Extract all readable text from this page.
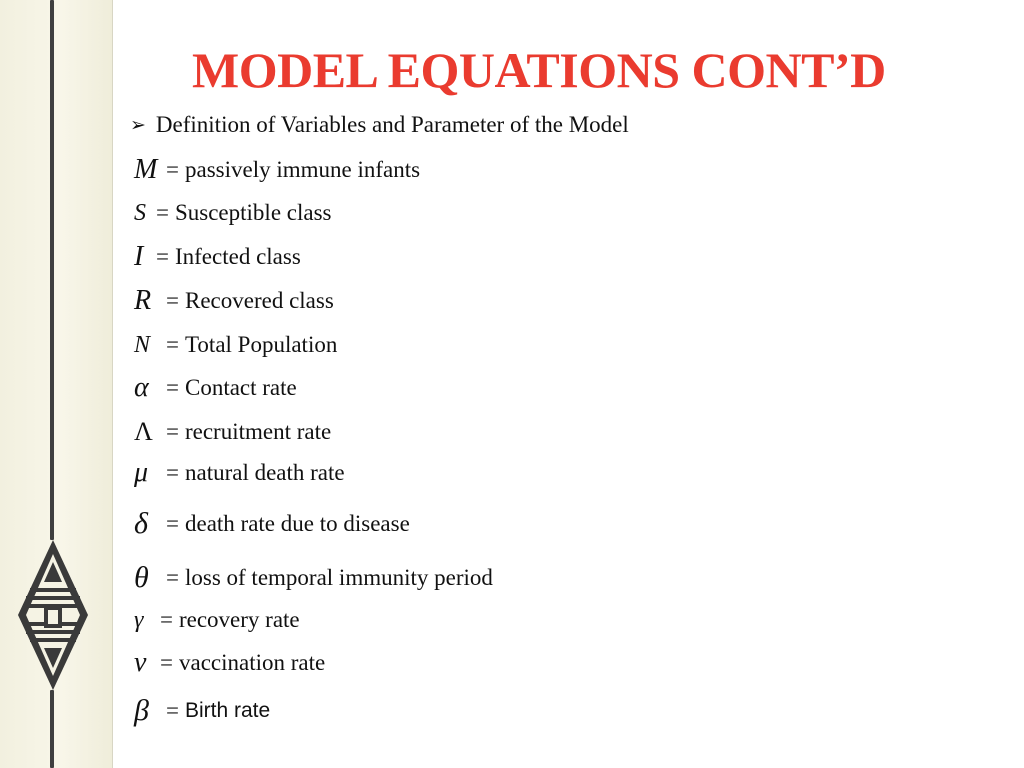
MODEL EQUATIONS CONT’D
➢ Definition of Variables and Parameter of the Model
M = passively immune infants
S = Susceptible class
I = Infected class
R = Recovered class
N = Total Population
α = Contact rate
Λ = recruitment rate
μ = natural death rate
δ = death rate due to disease
θ = loss of temporal immunity period
γ = recovery rate
ν = vaccination rate
β = Birth rate
